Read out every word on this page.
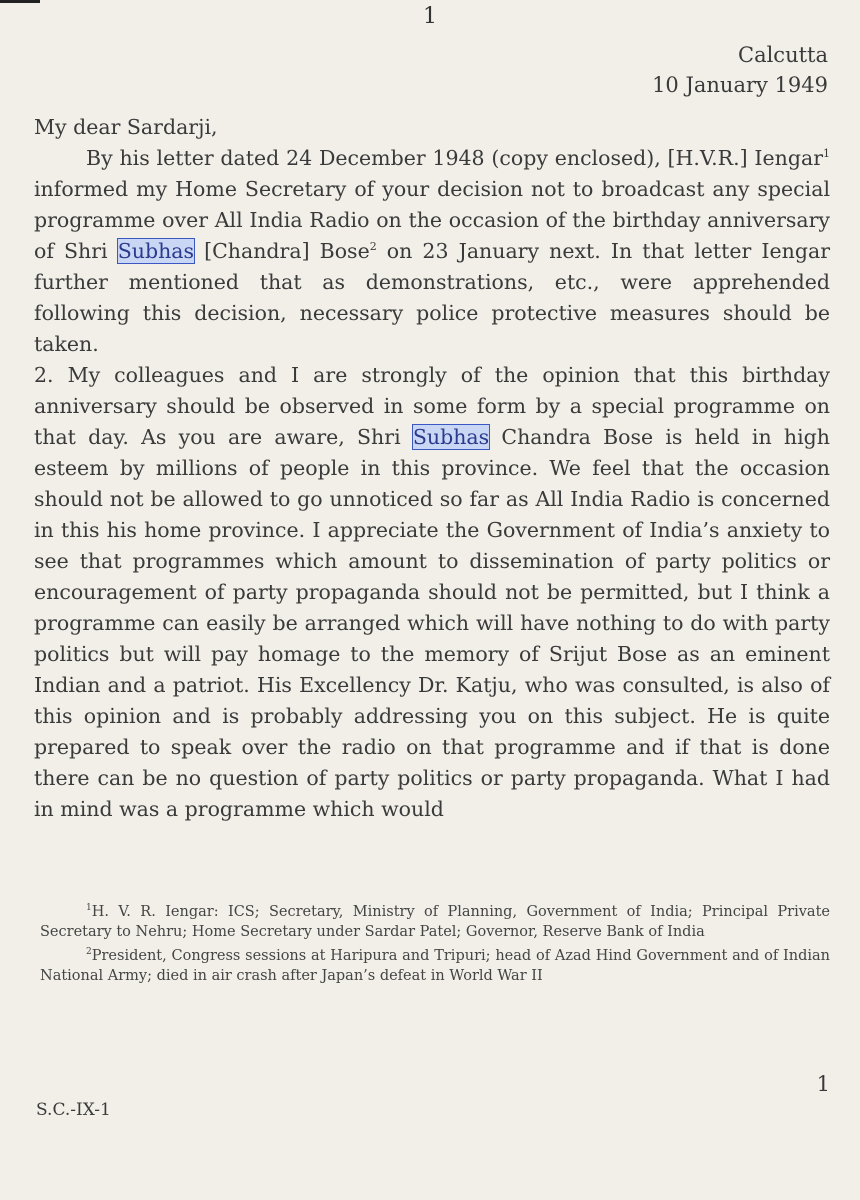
1
Calcutta
10 January 1949

My dear Sardarji,

By his letter dated 24 December 1948 (copy enclosed), [H.V.R.] Iengar$^1$ informed my Home Secretary of your decision not to broadcast any special programme over All India Radio on the occasion of the birthday anniversary of Shri Subhas [Chandra] Bose$^2$ on 23 January next. In that letter Iengar further mentioned that as demonstrations, etc., were apprehended following this decision, necessary police protective measures should be taken.

2. My colleagues and I are strongly of the opinion that this birthday anniversary should be observed in some form by a special programme on that day. As you are aware, Shri Subhas Chandra Bose is held in high esteem by millions of people in this province. We feel that the occasion should not be allowed to go unnoticed so far as All India Radio is concerned in this his home province. I appreciate the Government of India’s anxiety to see that programmes which amount to dissemination of party politics or encouragement of party propaganda should not be permitted, but I think a programme can easily be arranged which will have nothing to do with party politics but will pay homage to the memory of Srijut Bose as an eminent Indian and a patriot. His Excellency Dr. Katju, who was consulted, is also of this opinion and is probably addressing you on this subject. He is quite prepared to speak over the radio on that programme and if that is done there can be no question of party politics or party propaganda. What I had in mind was a programme which would

$^1$H. V. R. Iengar: ICS; Secretary, Ministry of Planning, Government of India; Principal Private Secretary to Nehru; Home Secretary under Sardar Patel; Governor, Reserve Bank of India

$^2$President, Congress sessions at Haripura and Tripuri; head of Azad Hind Government and of Indian National Army; died in air crash after Japan’s defeat in World War II

1
S.C.-IX-1
